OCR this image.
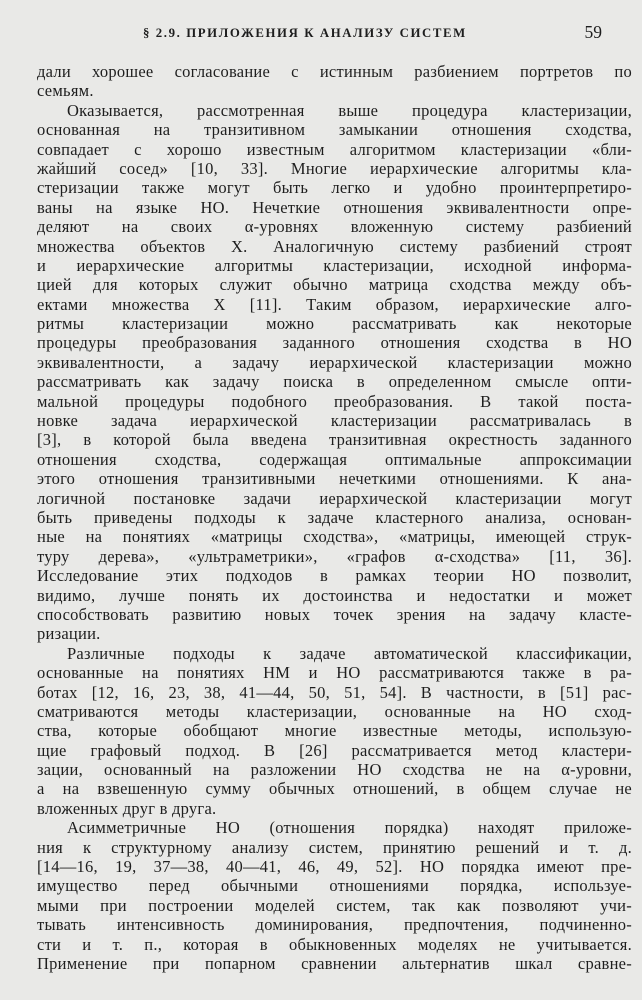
§ 2.9. ПРИЛОЖЕНИЯ К АНАЛИЗУ СИСТЕМ	59
дали хорошее согласование с истинным разбиением портретов по
семьям.
Оказывается, рассмотренная выше процедура кластеризации,
основанная на транзитивном замыкании отношения сходства,
совпадает с хорошо известным алгоритмом кластеризации «бли-
жайший сосед» [10, 33]. Многие иерархические алгоритмы кла-
стеризации также могут быть легко и удобно проинтерпретиро-
ваны на языке НО. Нечеткие отношения эквивалентности опре-
деляют на своих α-уровнях вложенную систему разбиений
множества объектов X. Аналогичную систему разбиений строят
и иерархические алгоритмы кластеризации, исходной информа-
цией для которых служит обычно матрица сходства между объ-
ектами множества X [11]. Таким образом, иерархические алго-
ритмы кластеризации можно рассматривать как некоторые
процедуры преобразования заданного отношения сходства в НО
эквивалентности, а задачу иерархической кластеризации можно
рассматривать как задачу поиска в определенном смысле опти-
мальной процедуры подобного преобразования. В такой поста-
новке задача иерархической кластеризации рассматривалась в
[3], в которой была введена транзитивная окрестность заданного
отношения сходства, содержащая оптимальные аппроксимации
этого отношения транзитивными нечеткими отношениями. К ана-
логичной постановке задачи иерархической кластеризации могут
быть приведены подходы к задаче кластерного анализа, основан-
ные на понятиях «матрицы сходства», «матрицы, имеющей струк-
туру дерева», «ультраметрики», «графов α-сходства» [11, 36].
Исследование этих подходов в рамках теории НО позволит,
видимо, лучше понять их достоинства и недостатки и может
способствовать развитию новых точек зрения на задачу класте-
ризации.
Различные подходы к задаче автоматической классификации,
основанные на понятиях НМ и НО рассматриваются также в ра-
ботах [12, 16, 23, 38, 41—44, 50, 51, 54]. В частности, в [51] рас-
сматриваются методы кластеризации, основанные на НО сход-
ства, которые обобщают многие известные методы, использую-
щие графовый подход. В [26] рассматривается метод кластери-
зации, основанный на разложении НО сходства не на α-уровни,
а на взвешенную сумму обычных отношений, в общем случае не
вложенных друг в друга.
Асимметричные НО (отношения порядка) находят приложе-
ния к структурному анализу систем, принятию решений и т. д.
[14—16, 19, 37—38, 40—41, 46, 49, 52]. НО порядка имеют пре-
имущество перед обычными отношениями порядка, используе-
мыми при построении моделей систем, так как позволяют учи-
тывать интенсивность доминирования, предпочтения, подчиненно-
сти и т. п., которая в обыкновенных моделях не учитывается.
Применение при попарном сравнении альтернатив шкал сравне-
